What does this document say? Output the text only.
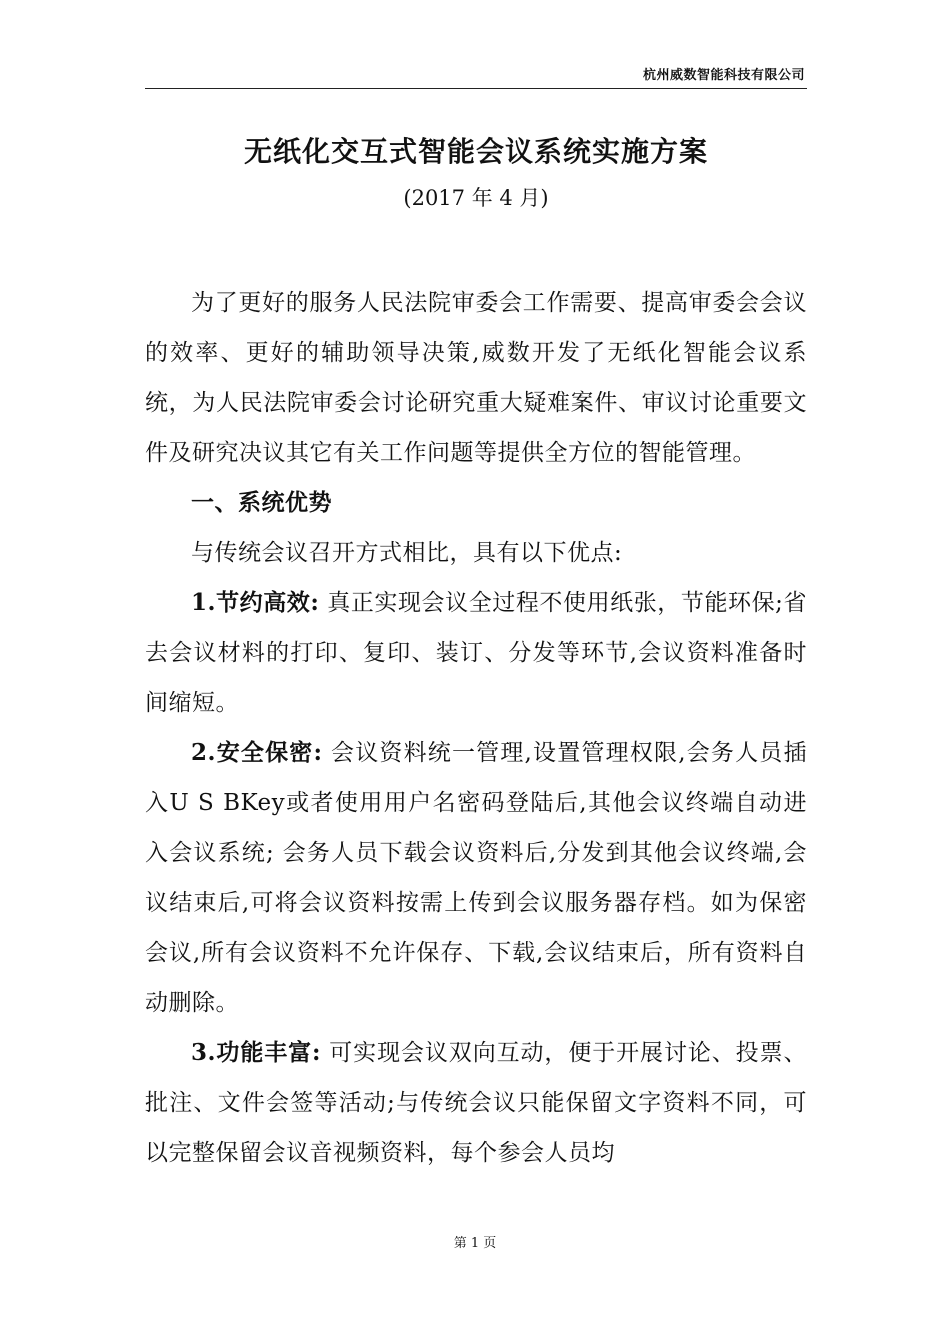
杭州威数智能科技有限公司
无纸化交互式智能会议系统实施方案
(2017 年 4 月)

为了更好的服务人民法院审委会工作需要、提高审委会会议的效率、更好的辅助领导决策,威数开发了无纸化智能会议系统，为人民法院审委会讨论研究重大疑难案件、审议讨论重要文件及研究决议其它有关工作问题等提供全方位的智能管理。

一、系统优势

与传统会议召开方式相比，具有以下优点:

1.节约高效: 真正实现会议全过程不使用纸张，节能环保;省去会议材料的打印、复印、装订、分发等环节,会议资料准备时间缩短。

2.安全保密: 会议资料统一管理,设置管理权限,会务人员插入U S BKey或者使用用户名密码登陆后,其他会议终端自动进入会议系统; 会务人员下载会议资料后,分发到其他会议终端,会议结束后,可将会议资料按需上传到会议服务器存档。如为保密会议,所有会议资料不允许保存、下载,会议结束后，所有资料自动删除。

3.功能丰富: 可实现会议双向互动，便于开展讨论、投票、批注、文件会签等活动;与传统会议只能保留文字资料不同，可以完整保留会议音视频资料，每个参会人员均

第 1 页
